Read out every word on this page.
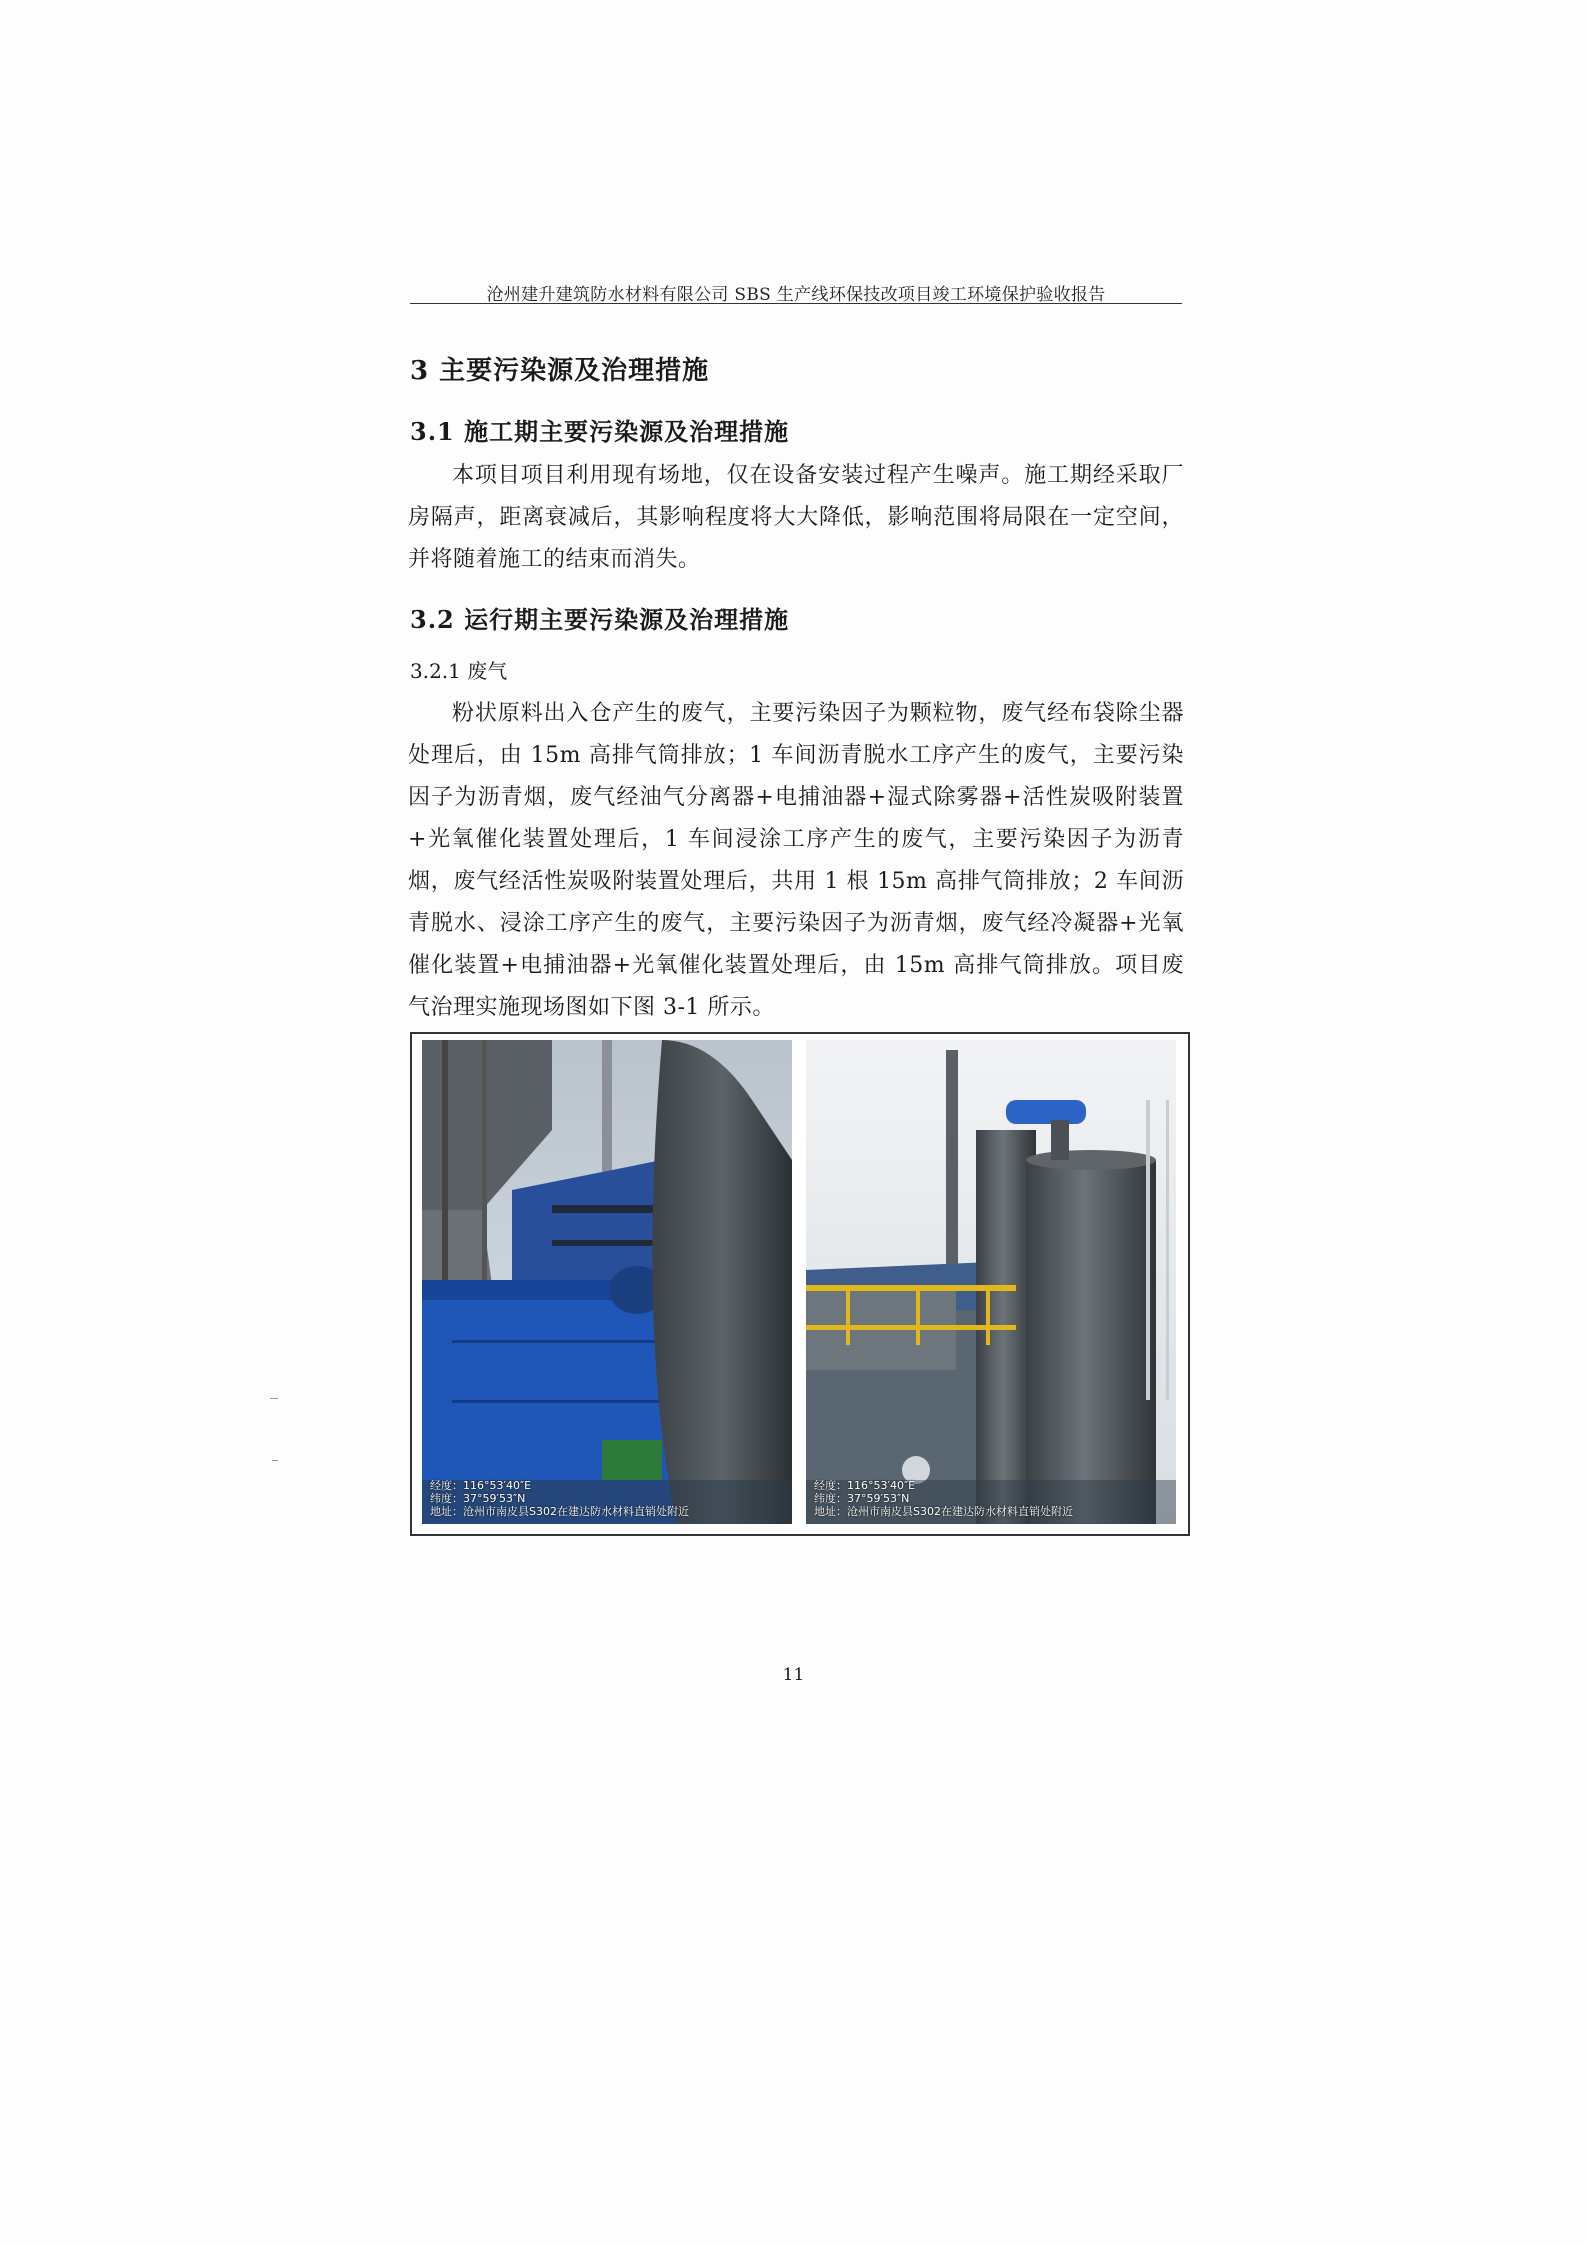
沧州建升建筑防水材料有限公司 SBS 生产线环保技改项目竣工环境保护验收报告
3 主要污染源及治理措施
3.1 施工期主要污染源及治理措施
本项目项目利用现有场地，仅在设备安装过程产生噪声。施工期经采取厂房隔声，距离衰减后，其影响程度将大大降低，影响范围将局限在一定空间，并将随着施工的结束而消失。
3.2 运行期主要污染源及治理措施
3.2.1 废气
粉状原料出入仓产生的废气，主要污染因子为颗粒物，废气经布袋除尘器处理后，由 15m 高排气筒排放；1 车间沥青脱水工序产生的废气，主要污染因子为沥青烟，废气经油气分离器+电捕油器+湿式除雾器+活性炭吸附装置+光氧催化装置处理后，1 车间浸涂工序产生的废气，主要污染因子为沥青烟，废气经活性炭吸附装置处理后，共用 1 根 15m 高排气筒排放；2 车间沥青脱水、浸涂工序产生的废气，主要污染因子为沥青烟，废气经冷凝器+光氧催化装置+电捕油器+光氧催化装置处理后，由 15m 高排气筒排放。项目废气治理实施现场图如下图 3-1 所示。
经度：116°53′40″E
纬度：37°59′53″N
地址：沧州市南皮县S302在建达防水材料直销处附近
经度：116°53′40″E
纬度：37°59′53″N
地址：沧州市南皮县S302在建达防水材料直销处附近
11
